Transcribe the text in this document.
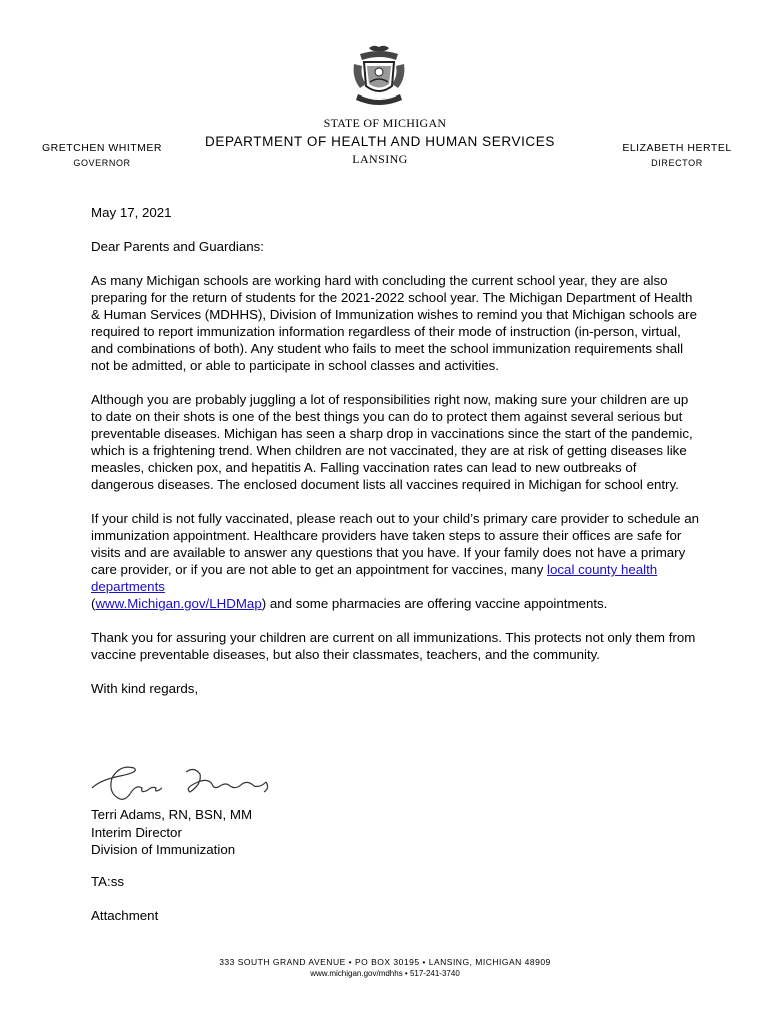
STATE OF MICHIGAN
DEPARTMENT OF HEALTH AND HUMAN SERVICES
LANSING
GRETCHEN WHITMER
GOVERNOR
ELIZABETH HERTEL
DIRECTOR

May 17, 2021

Dear Parents and Guardians:

As many Michigan schools are working hard with concluding the current school year, they are also preparing for the return of students for the 2021-2022 school year. The Michigan Department of Health & Human Services (MDHHS), Division of Immunization wishes to remind you that Michigan schools are required to report immunization information regardless of their mode of instruction (in-person, virtual, and combinations of both). Any student who fails to meet the school immunization requirements shall not be admitted, or able to participate in school classes and activities.

Although you are probably juggling a lot of responsibilities right now, making sure your children are up to date on their shots is one of the best things you can do to protect them against several serious but preventable diseases. Michigan has seen a sharp drop in vaccinations since the start of the pandemic, which is a frightening trend. When children are not vaccinated, they are at risk of getting diseases like measles, chicken pox, and hepatitis A. Falling vaccination rates can lead to new outbreaks of dangerous diseases. The enclosed document lists all vaccines required in Michigan for school entry.

If your child is not fully vaccinated, please reach out to your child’s primary care provider to schedule an immunization appointment. Healthcare providers have taken steps to assure their offices are safe for visits and are available to answer any questions that you have. If your family does not have a primary care provider, or if you are not able to get an appointment for vaccines, many local county health departments
(www.Michigan.gov/LHDMap) and some pharmacies are offering vaccine appointments.

Thank you for assuring your children are current on all immunizations. This protects not only them from vaccine preventable diseases, but also their classmates, teachers, and the community.

With kind regards,

Terri Adams, RN, BSN, MM
Interim Director
Division of Immunization
TA:ss
Attachment
333 SOUTH GRAND AVENUE • PO BOX 30195 • LANSING, MICHIGAN 48909
www.michigan.gov/mdhhs • 517-241-3740
